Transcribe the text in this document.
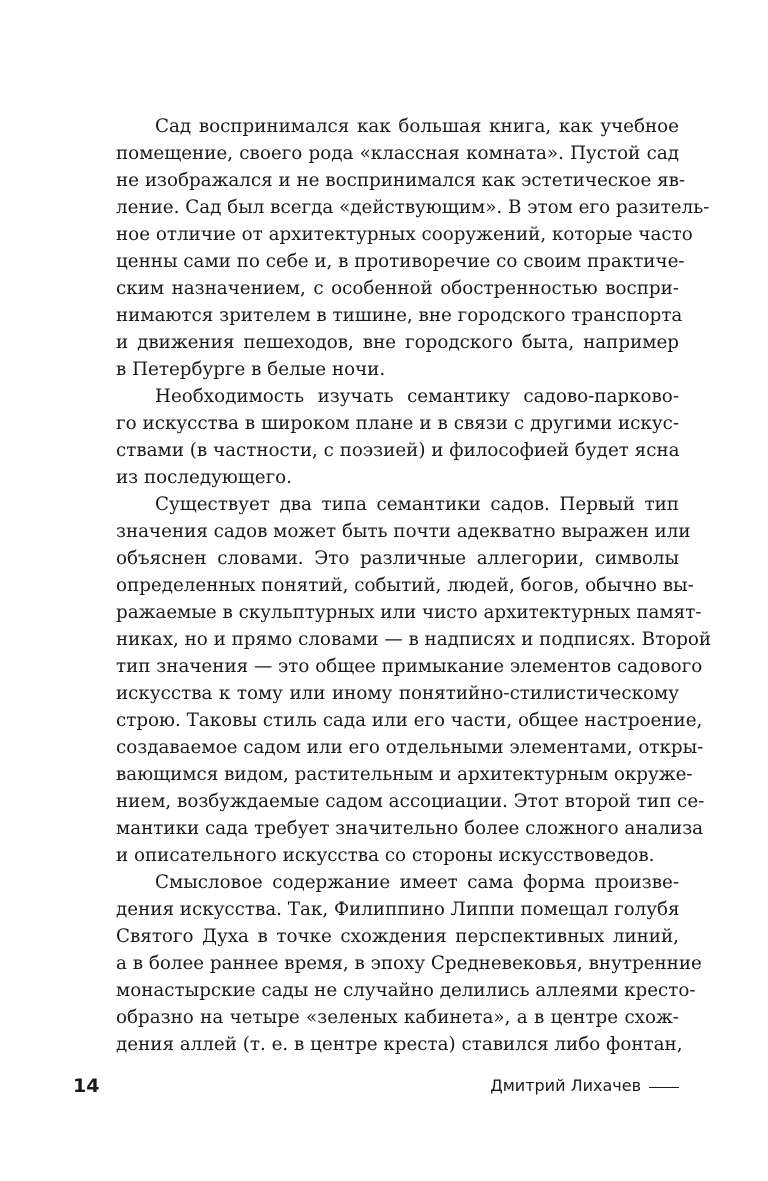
Сад воспринимался как большая книга, как учебное
помещение, своего рода «классная комната». Пустой сад
не изображался и не воспринимался как эстетическое яв-
ление. Сад был всегда «действующим». В этом его разитель-
ное отличие от архитектурных сооружений, которые часто
ценны сами по себе и, в противоречие со своим практиче-
ским назначением, с особенной обостренностью воспри-
нимаются зрителем в тишине, вне городского транспорта
и движения пешеходов, вне городского быта, например
в Петербурге в белые ночи.
Необходимость изучать семантику садово-парково-
го искусства в широком плане и в связи с другими искус-
ствами (в частности, с поэзией) и философией будет ясна
из последующего.
Существует два типа семантики садов. Первый тип
значения садов может быть почти адекватно выражен или
объяснен словами. Это различные аллегории, символы
определенных понятий, событий, людей, богов, обычно вы-
ражаемые в скульптурных или чисто архитектурных памят-
никах, но и прямо словами — в надписях и подписях. Второй
тип значения — это общее примыкание элементов садового
искусства к тому или иному понятийно-стилистическому
строю. Таковы стиль сада или его части, общее настроение,
создаваемое садом или его отдельными элементами, откры-
вающимся видом, растительным и архитектурным окруже-
нием, возбуждаемые садом ассоциации. Этот второй тип се-
мантики сада требует значительно более сложного анализа
и описательного искусства со стороны искусствоведов.
Смысловое содержание имеет сама форма произве-
дения искусства. Так, Филиппино Липпи помещал голубя
Святого Духа в точке схождения перспективных линий,
а в более раннее время, в эпоху Средневековья, внутренние
монастырские сады не случайно делились аллеями кресто-
образно на четыре «зеленых кабинета», а в центре схож-
дения аллей (т. е. в центре креста) ставился либо фонтан,
14	Дмитрий Лихачев
